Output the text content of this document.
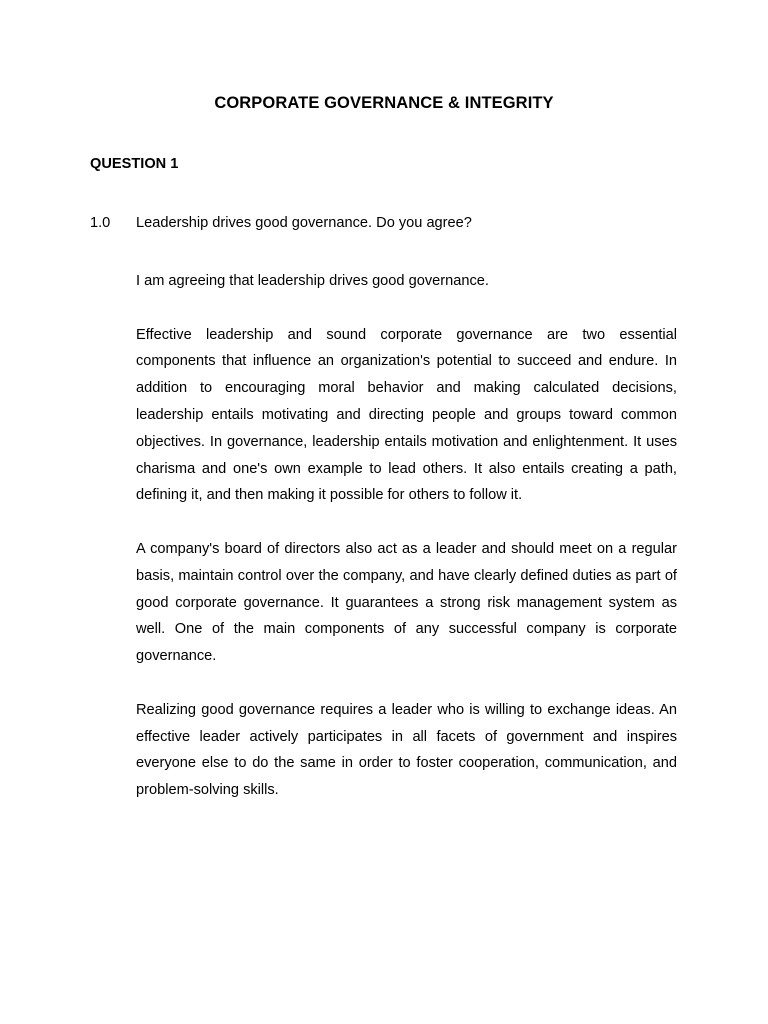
CORPORATE GOVERNANCE & INTEGRITY
QUESTION 1
1.0 Leadership drives good governance. Do you agree?

I am agreeing that leadership drives good governance.

Effective leadership and sound corporate governance are two essential components that influence an organization's potential to succeed and endure. In addition to encouraging moral behavior and making calculated decisions, leadership entails motivating and directing people and groups toward common objectives. In governance, leadership entails motivation and enlightenment. It uses charisma and one's own example to lead others. It also entails creating a path, defining it, and then making it possible for others to follow it.

A company's board of directors also act as a leader and should meet on a regular basis, maintain control over the company, and have clearly defined duties as part of good corporate governance. It guarantees a strong risk management system as well. One of the main components of any successful company is corporate governance.

Realizing good governance requires a leader who is willing to exchange ideas. An effective leader actively participates in all facets of government and inspires everyone else to do the same in order to foster cooperation, communication, and problem-solving skills.
